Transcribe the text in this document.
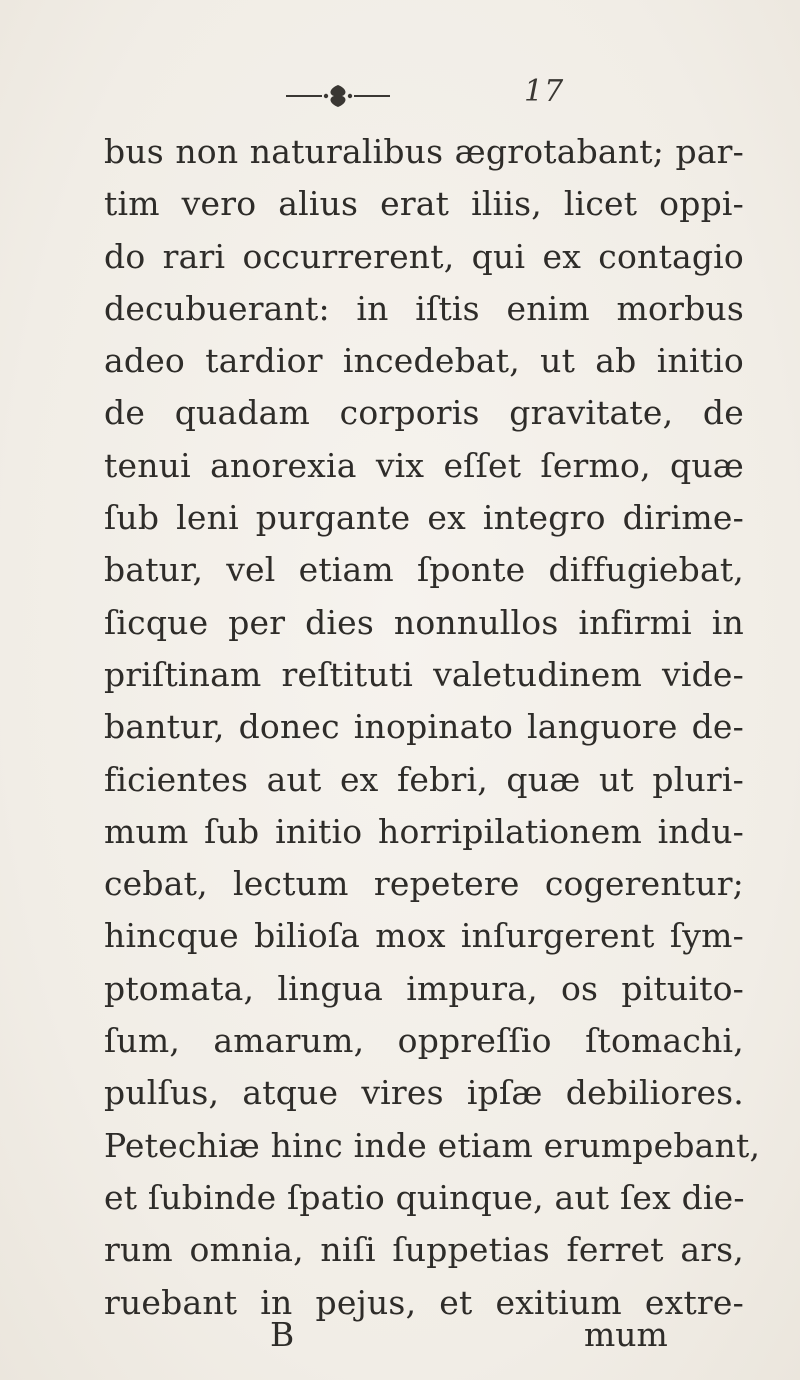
17
bus non naturalibus ægrotabant; par-
tim vero alius erat iliis, licet oppi-
do rari occurrerent, qui ex contagio
decubuerant: in iſtis enim morbus
adeo tardior incedebat, ut ab initio
de quadam corporis gravitate, de
tenui anorexia vix eſſet ſermo, quæ
ſub leni purgante ex integro dirime-
batur, vel etiam ſponte diffugiebat,
ſicque per dies nonnullos infirmi in
priſtinam reſtituti valetudinem vide-
bantur, donec inopinato languore de-
ficientes aut ex febri, quæ ut pluri-
mum ſub initio horripilationem indu-
cebat, lectum repetere cogerentur;
hincque bilioſa mox inſurgerent ſym-
ptomata, lingua impura, os pituito-
ſum, amarum, oppreſſio ſtomachi,
pulſus, atque vires ipſæ debiliores.
Petechiæ hinc inde etiam erumpebant,
et ſubinde ſpatio quinque, aut ſex die-
rum omnia, niſi ſuppetias ferret ars,
ruebant in pejus, et exitium extre-
B	mum
